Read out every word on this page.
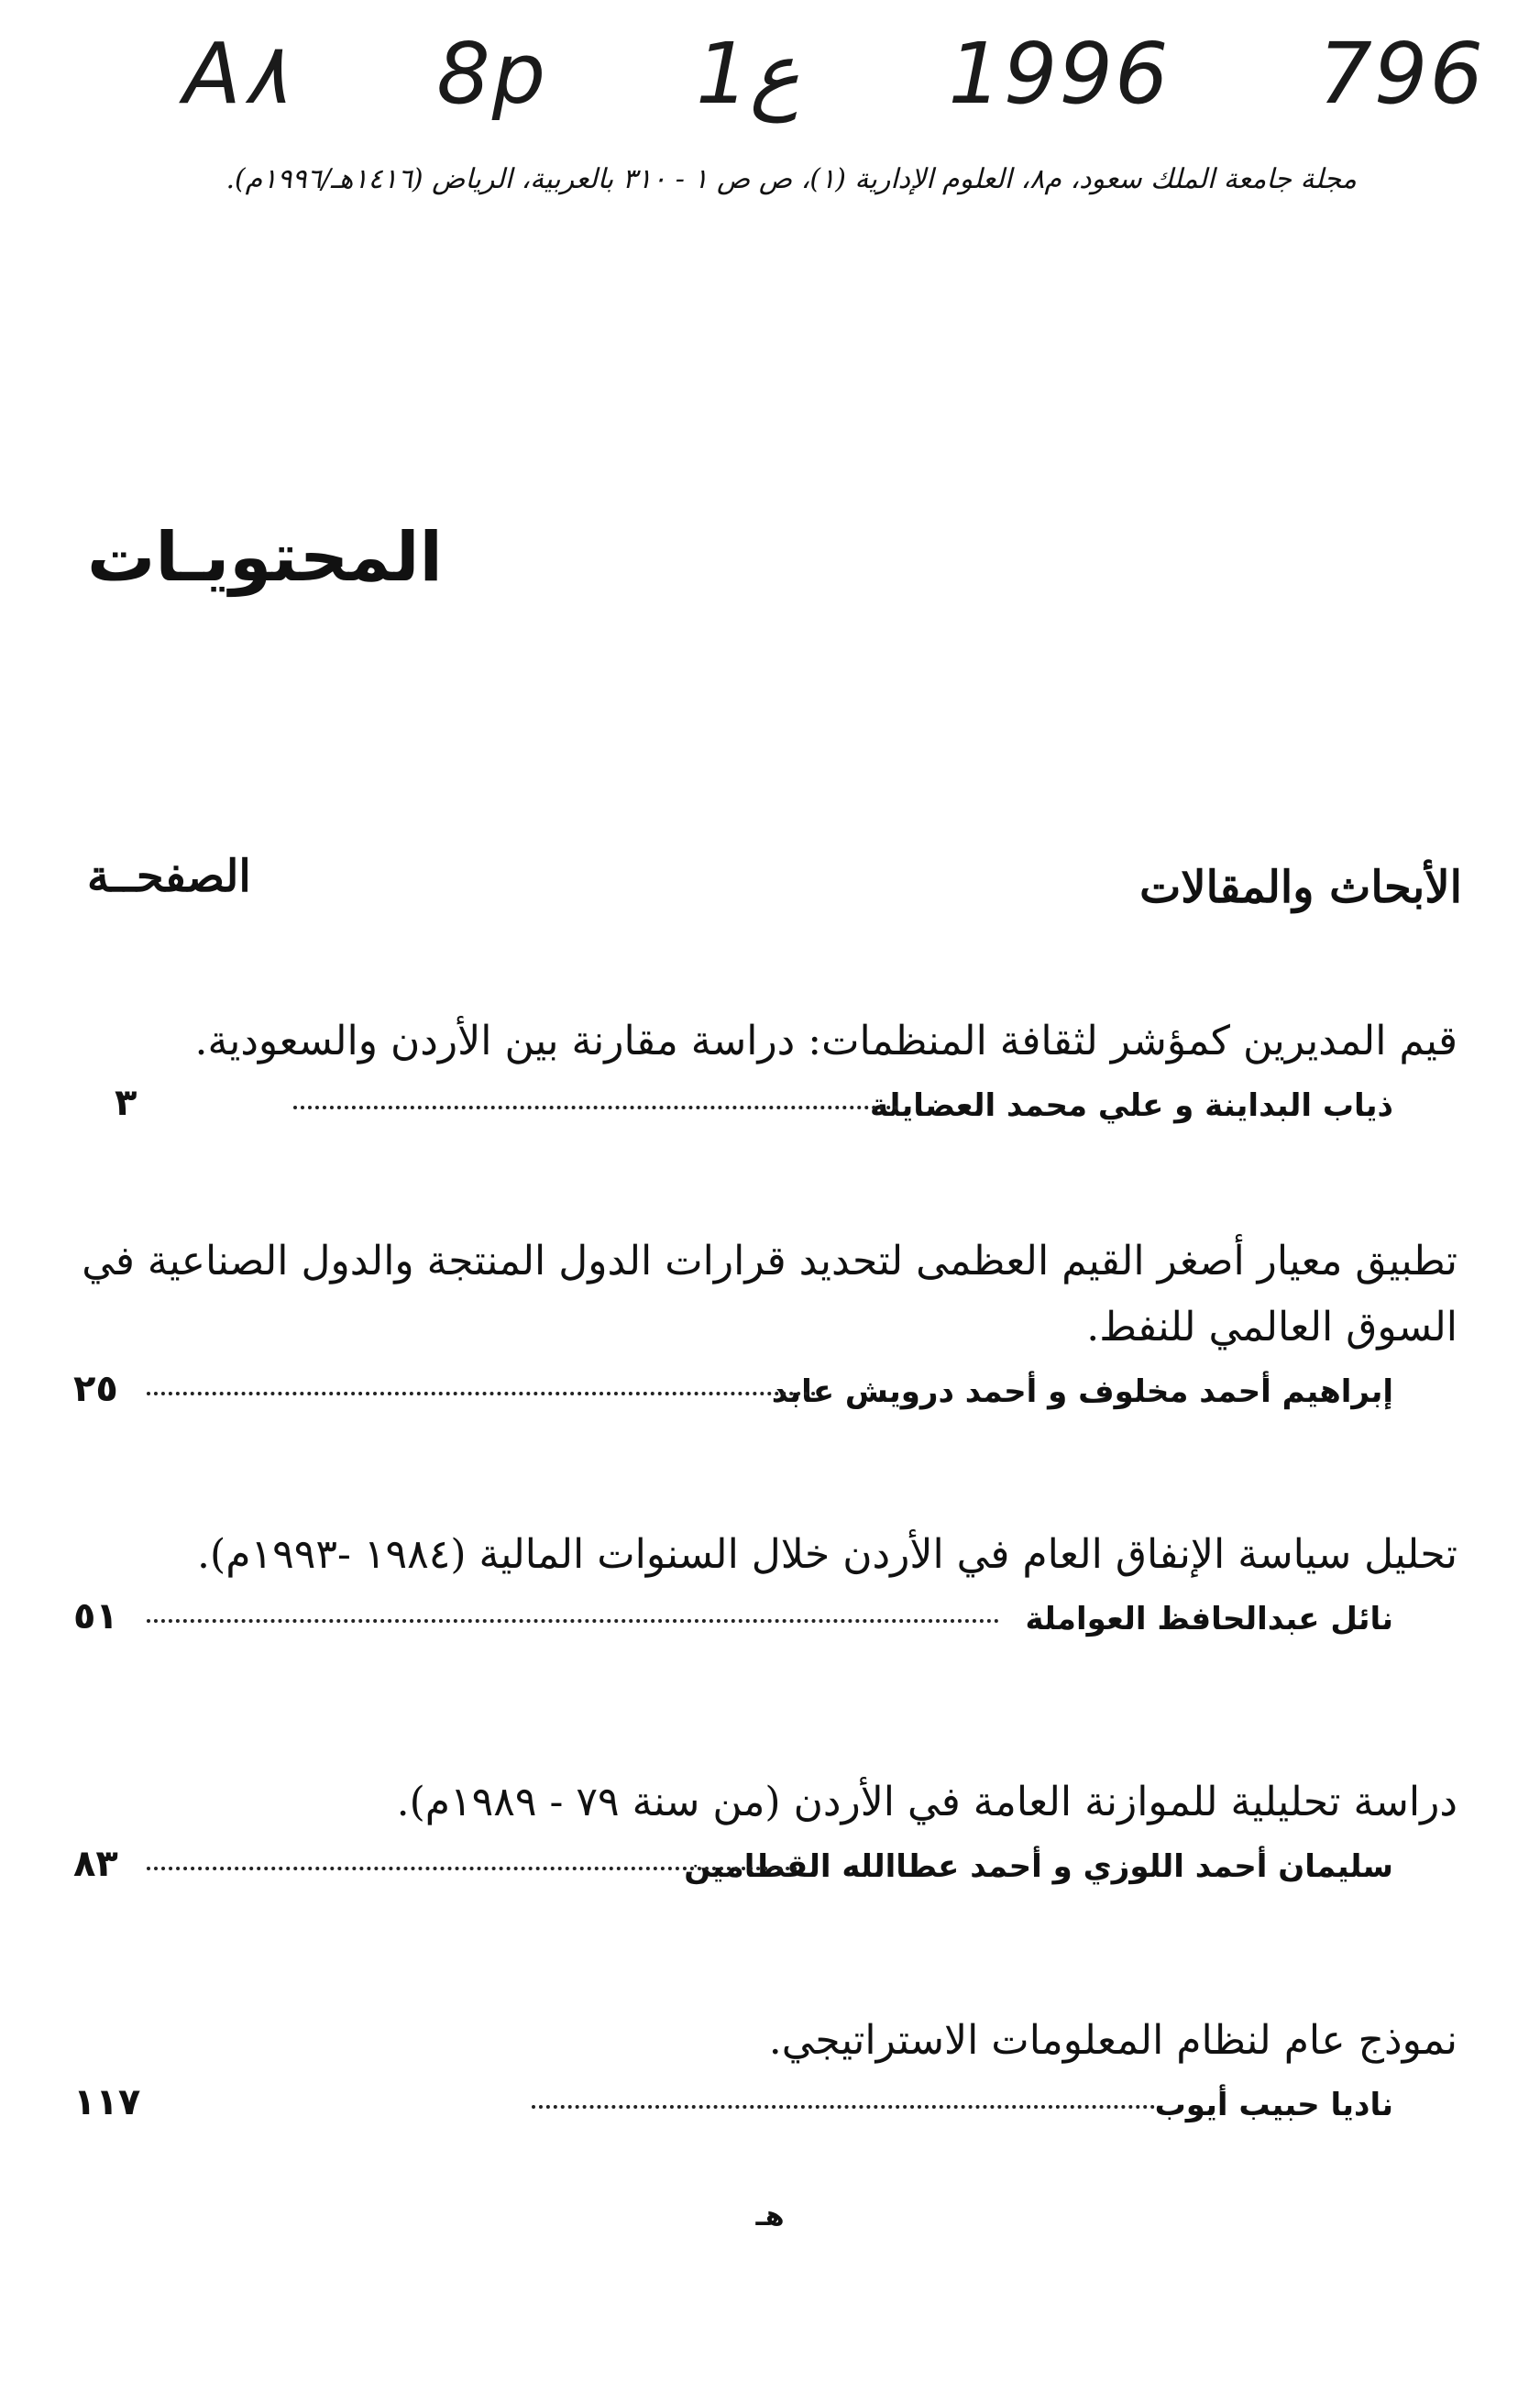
A‎٨ 8p 1ع 1996 796
مجلة جامعة الملك سعود، م٨، العلوم الإدارية (١)، ص ص ١ - ٣١٠ بالعربية، الرياض (١٤١٦هـ/١٩٩٦م).
المحتويـات
الأبحاث والمقالات
الصفحــة
قيم المديرين كمؤشر لثقافة المنظمات: دراسة مقارنة بين الأردن والسعودية.
ذياب البداينة و علي محمد العضايلة
٣
تطبيق معيار أصغر القيم العظمى لتحديد قرارات الدول المنتجة والدول الصناعية في السوق العالمي للنفط.
إبراهيم أحمد مخلوف و أحمد درويش عابد
٢٥
تحليل سياسة الإنفاق العام في الأردن خلال السنوات المالية (١٩٨٤ -١٩٩٣م).
نائل عبدالحافظ العواملة
٥١
دراسة تحليلية للموازنة العامة في الأردن (من سنة ٧٩ - ١٩٨٩م).
سليمان أحمد اللوزي و أحمد عطاالله القطامين
٨٣
نموذج عام لنظام المعلومات الاستراتيجي.
ناديا حبيب أيوب
١١٧
هـ
